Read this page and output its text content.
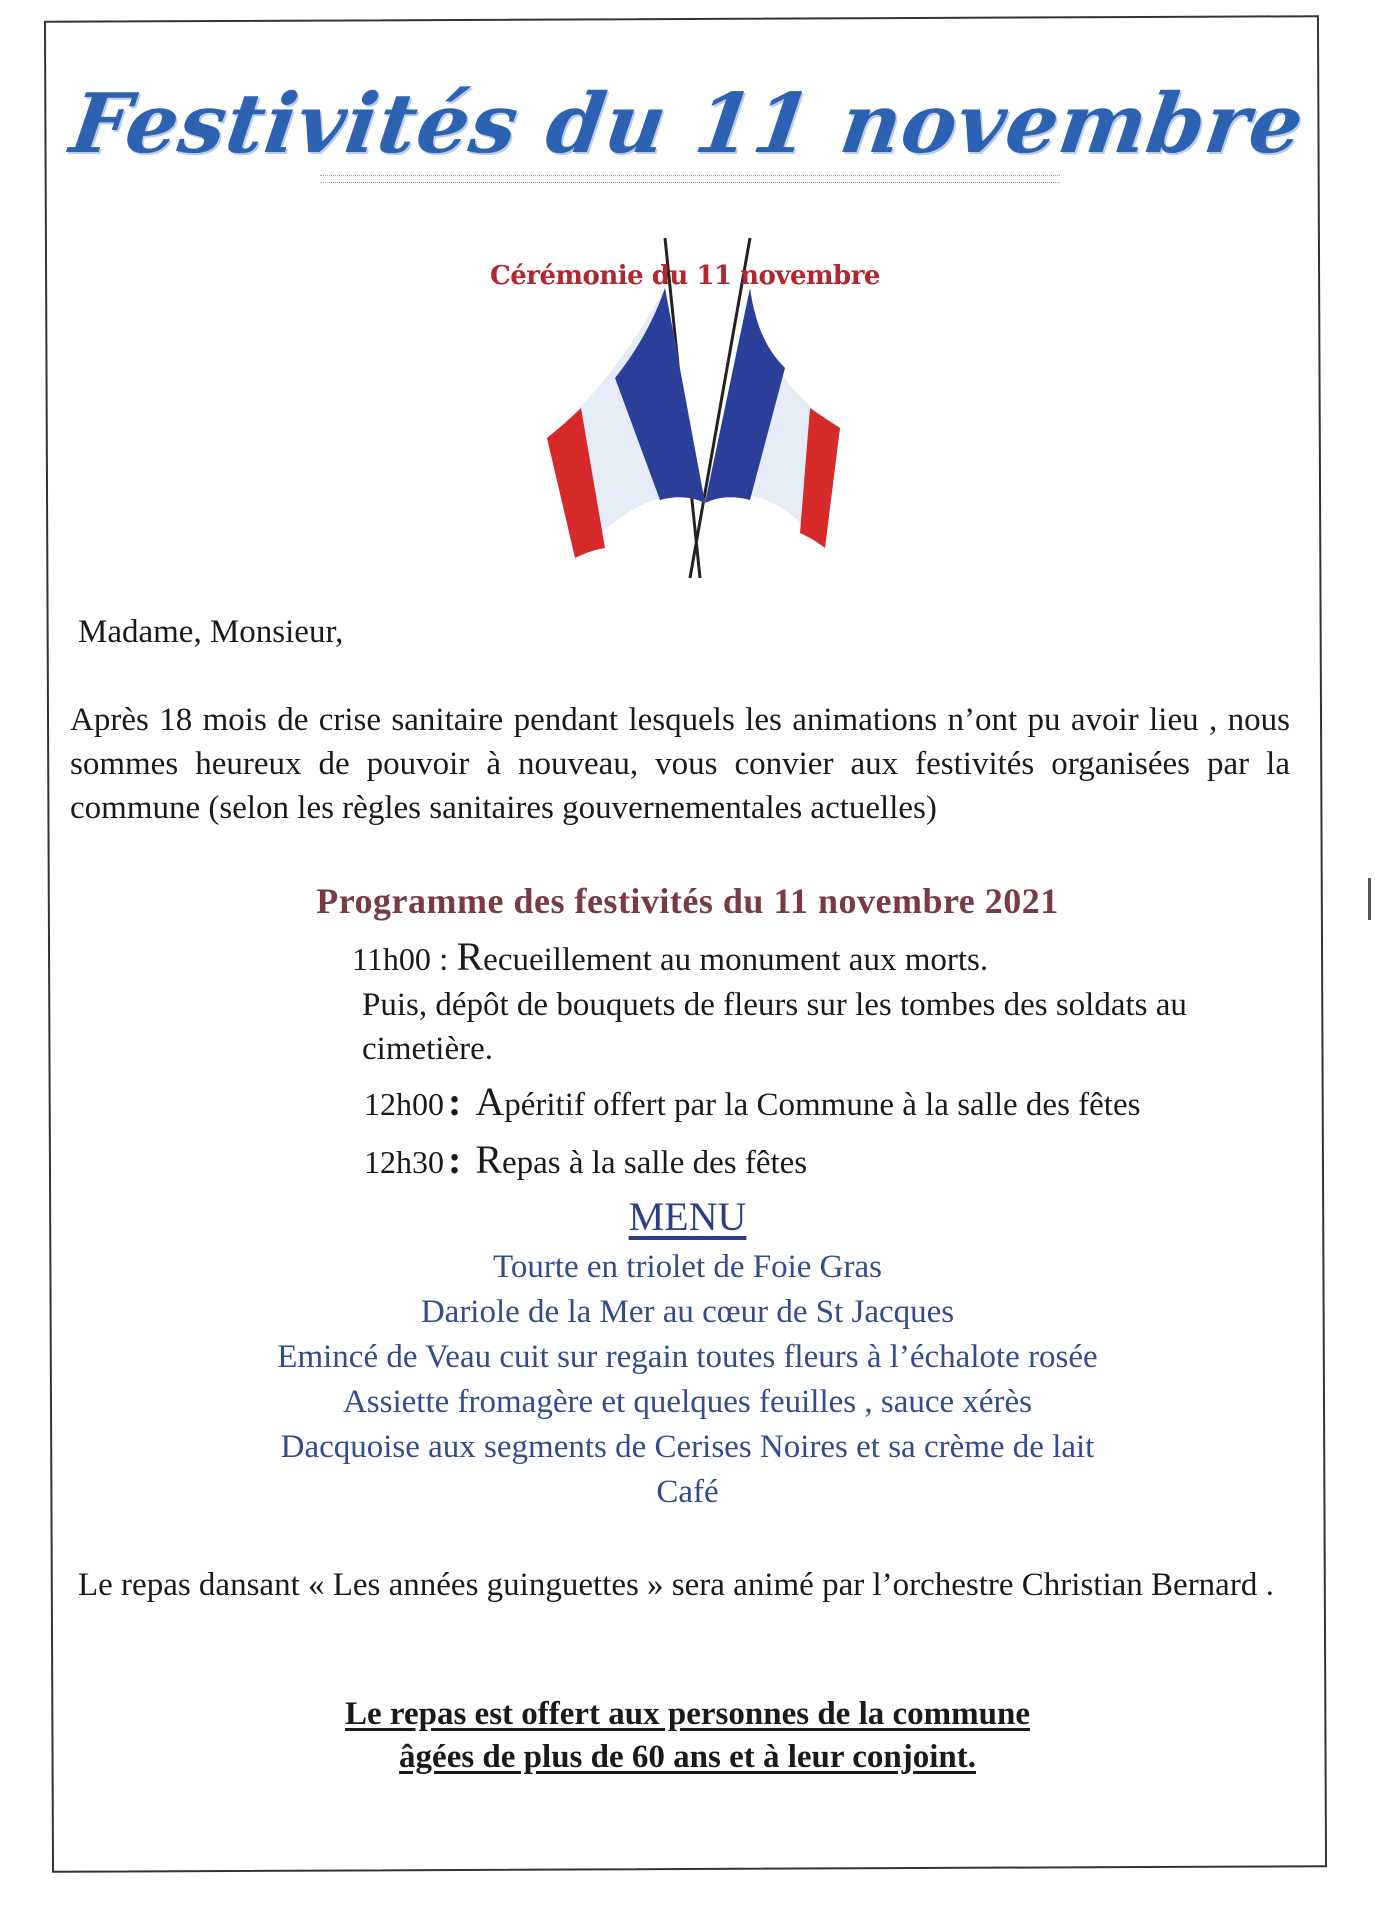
Festivités du 11 novembre
Cérémonie du 11 novembre
Madame, Monsieur,
Après 18 mois de crise sanitaire pendant lesquels les animations n’ont pu avoir lieu , nous sommes heureux de pouvoir à nouveau, vous convier aux festivités organisées par la commune (selon les règles sanitaires gouvernementales actuelles)
Programme des festivités du 11 novembre 2021
11h00 : Recueillement au monument aux morts.
Puis, dépôt de bouquets de fleurs sur les tombes des soldats au cimetière.
12h00 : Apéritif offert par la Commune à la salle des fêtes
12h30 : Repas à la salle des fêtes
MENU
Tourte en triolet de Foie Gras
Dariole de la Mer au cœur de St Jacques
Emincé de Veau cuit sur regain toutes fleurs à l’échalote rosée
Assiette fromagère et quelques feuilles , sauce xérès
Dacquoise aux segments de Cerises Noires et sa crème de lait
Café
Le repas dansant « Les années guinguettes » sera animé par l’orchestre Christian Bernard .
Le repas est offert aux personnes de la commune
âgées de plus de 60 ans et à leur conjoint.
